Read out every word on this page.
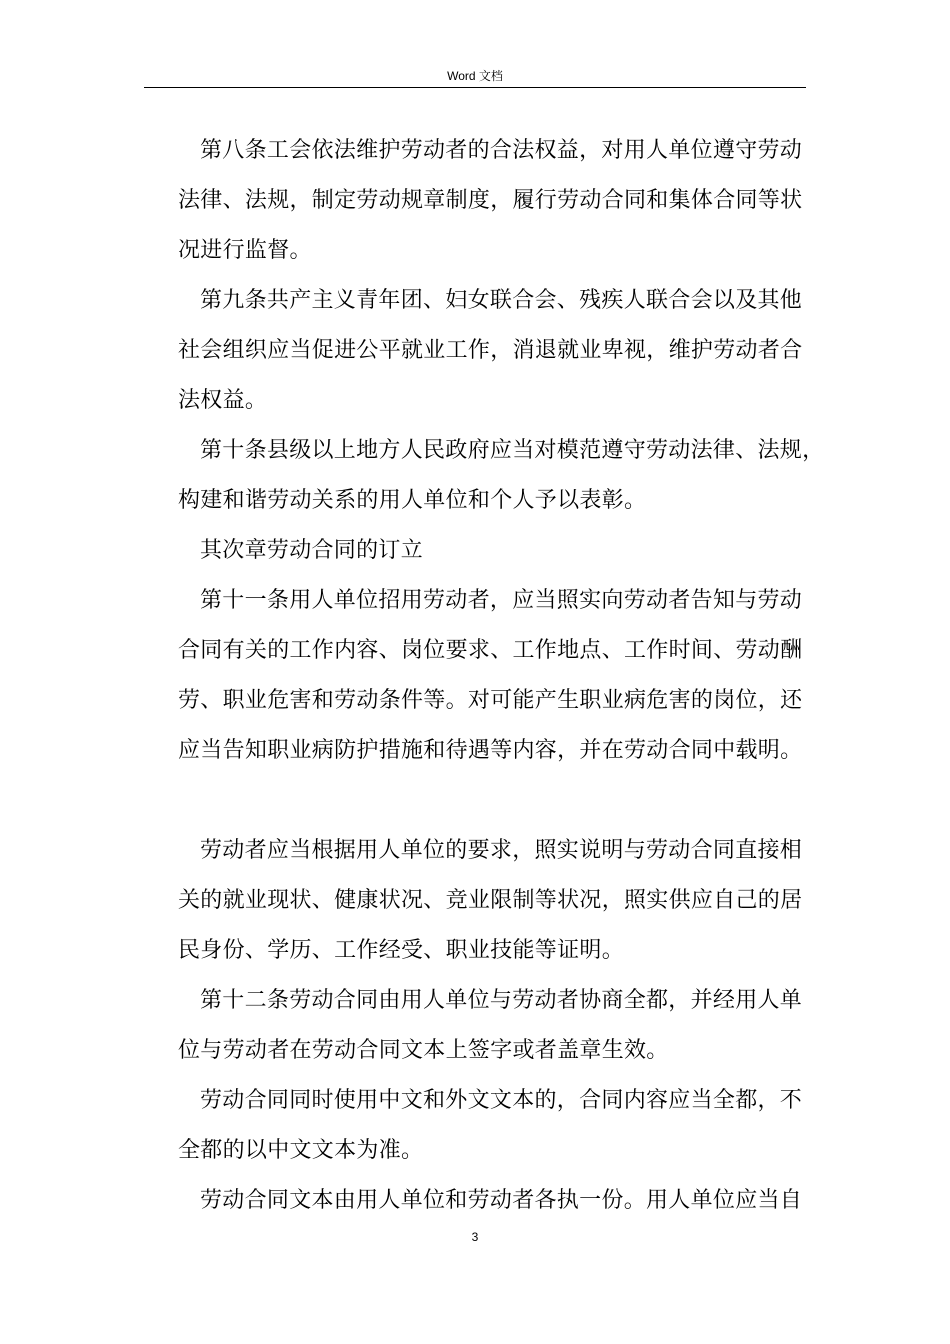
Word 文档
第八条工会依法维护劳动者的合法权益，对用人单位遵守劳动
法律、法规，制定劳动规章制度，履行劳动合同和集体合同等状
况进行监督。
第九条共产主义青年团、妇女联合会、残疾人联合会以及其他
社会组织应当促进公平就业工作，消退就业卑视，维护劳动者合
法权益。
第十条县级以上地方人民政府应当对模范遵守劳动法律、法规，
构建和谐劳动关系的用人单位和个人予以表彰。
其次章劳动合同的订立
第十一条用人单位招用劳动者，应当照实向劳动者告知与劳动
合同有关的工作内容、岗位要求、工作地点、工作时间、劳动酬
劳、职业危害和劳动条件等。对可能产生职业病危害的岗位，还
应当告知职业病防护措施和待遇等内容，并在劳动合同中载明。
劳动者应当根据用人单位的要求，照实说明与劳动合同直接相
关的就业现状、健康状况、竞业限制等状况，照实供应自己的居
民身份、学历、工作经受、职业技能等证明。
第十二条劳动合同由用人单位与劳动者协商全都，并经用人单
位与劳动者在劳动合同文本上签字或者盖章生效。
劳动合同同时使用中文和外文文本的，合同内容应当全都，不
全都的以中文文本为准。
劳动合同文本由用人单位和劳动者各执一份。用人单位应当自
3
